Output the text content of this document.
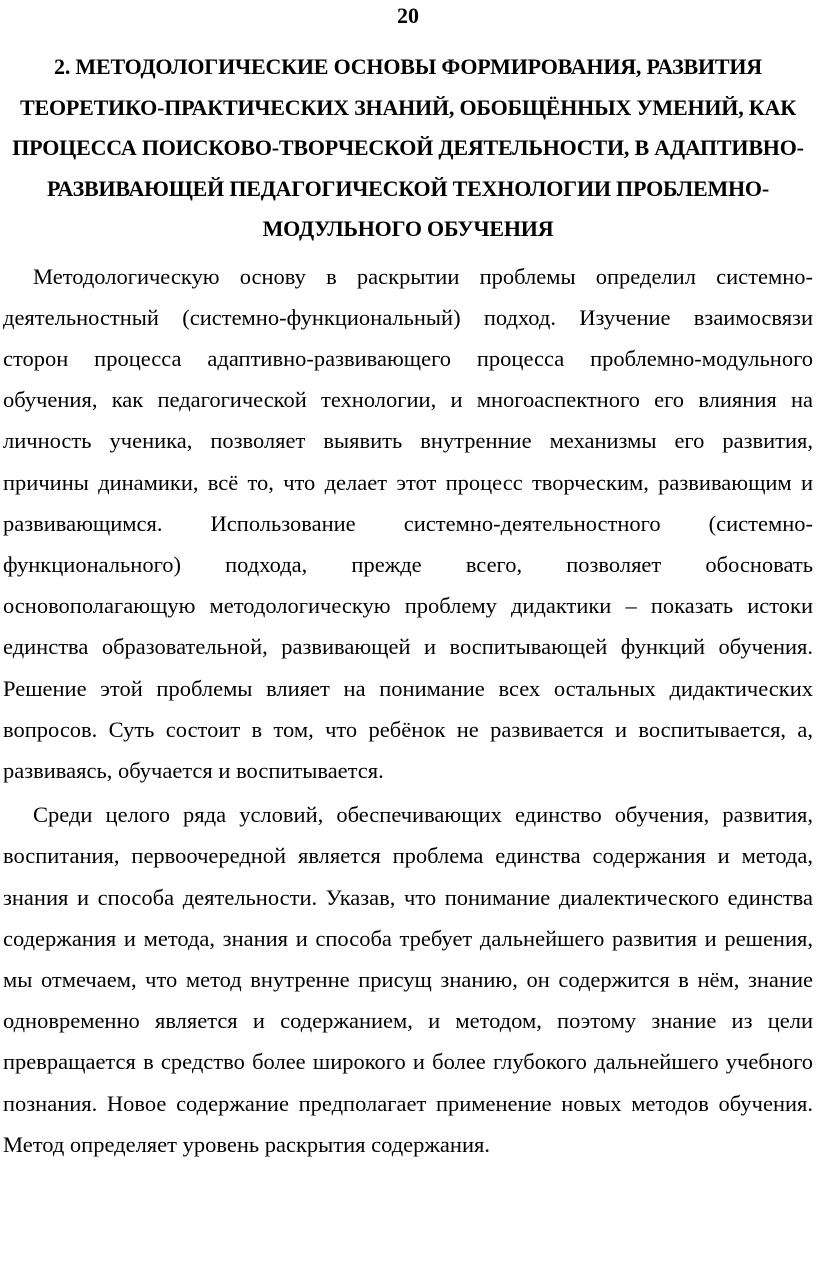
20
2. МЕТОДОЛОГИЧЕСКИЕ ОСНОВЫ ФОРМИРОВАНИЯ, РАЗВИТИЯ ТЕОРЕТИКО-ПРАКТИЧЕСКИХ ЗНАНИЙ, ОБОБЩЁННЫХ УМЕНИЙ, КАК ПРОЦЕССА ПОИСКОВО-ТВОРЧЕСКОЙ ДЕЯТЕЛЬНОСТИ, В АДАПТИВНО-РАЗВИВАЮЩЕЙ ПЕДАГОГИЧЕСКОЙ ТЕХНОЛОГИИ ПРОБЛЕМНО-МОДУЛЬНОГО ОБУЧЕНИЯ

Методологическую основу в раскрытии проблемы определил системно-деятельностный (системно-функциональный) подход. Изучение взаимосвязи сторон процесса адаптивно-развивающего процесса проблемно-модульного обучения, как педагогической технологии, и многоаспектного его влияния на личность ученика, позволяет выявить внутренние механизмы его развития, причины динамики, всё то, что делает этот процесс творческим, развивающим и развивающимся. Использование системно-деятельностного (системно-функционального) подхода, прежде всего, позволяет обосновать основополагающую методологическую проблему дидактики – показать истоки единства образовательной, развивающей и воспитывающей функций обучения. Решение этой проблемы влияет на понимание всех остальных дидактических вопросов. Суть состоит в том, что ребёнок не развивается и воспитывается, а, развиваясь, обучается и воспитывается.

Среди целого ряда условий, обеспечивающих единство обучения, развития, воспитания, первоочередной является проблема единства содержания и метода, знания и способа деятельности. Указав, что понимание диалектического единства содержания и метода, знания и способа требует дальнейшего развития и решения, мы отмечаем, что метод внутренне присущ знанию, он содержится в нём, знание одновременно является и содержанием, и методом, поэтому знание из цели превращается в средство более широкого и более глубокого дальнейшего учебного познания. Новое содержание предполагает применение новых методов обучения. Метод определяет уровень раскрытия содержания.
